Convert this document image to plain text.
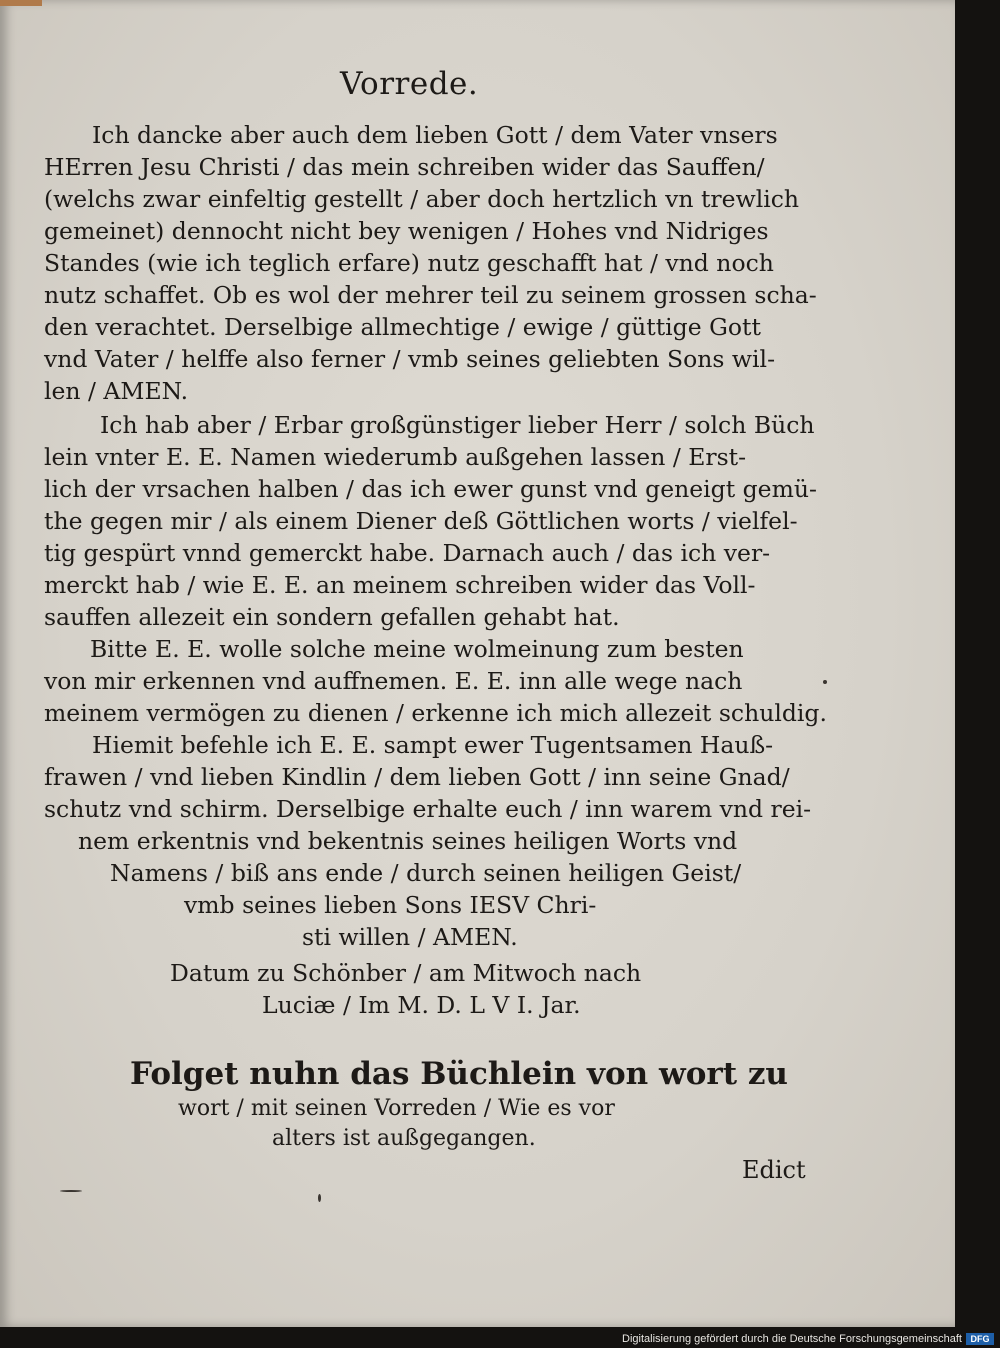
Vorrede.
Ich dancke aber auch dem lieben Gott / dem Vater vnsers
HErren Jesu Christi / das mein schreiben wider das Sauffen/
(welchs zwar einfeltig gestellt / aber doch hertzlich vn trewlich
gemeinet) dennocht nicht bey wenigen / Hohes vnd Nidriges
Standes (wie ich teglich erfare) nutz geschafft hat / vnd noch
nutz schaffet. Ob es wol der mehrer teil zu seinem grossen scha-
den verachtet. Derselbige allmechtige / ewige / güttige Gott
vnd Vater / helffe also ferner / vmb seines geliebten Sons wil-
len / AMEN.
Ich hab aber / Erbar großgünstiger lieber Herr / solch Büch
lein vnter E. E. Namen wiederumb außgehen lassen / Erst-
lich der vrsachen halben / das ich ewer gunst vnd geneigt gemü-
the gegen mir / als einem Diener deß Göttlichen worts / vielfel-
tig gespürt vnnd gemerckt habe. Darnach auch / das ich ver-
merckt hab / wie E. E. an meinem schreiben wider das Voll-
sauffen allezeit ein sondern gefallen gehabt hat.
Bitte E. E. wolle solche meine wolmeinung zum besten
von mir erkennen vnd auffnemen. E. E. inn alle wege nach
meinem vermögen zu dienen / erkenne ich mich allezeit schuldig.
Hiemit befehle ich E. E. sampt ewer Tugentsamen Hauß-
frawen / vnd lieben Kindlin / dem lieben Gott / inn seine Gnad/
schutz vnd schirm. Derselbige erhalte euch / inn warem vnd rei-
nem erkentnis vnd bekentnis seines heiligen Worts vnd
Namens / biß ans ende / durch seinen heiligen Geist/
vmb seines lieben Sons IESV Chri-
sti willen / AMEN.
Datum zu Schönber / am Mitwoch nach
Luciæ / Im M. D. L V I. Jar.
Folget nuhn das Büchlein von wort zu
wort / mit seinen Vorreden / Wie es vor
alters ist außgegangen.
Edict
Digitalisierung gefördert durch die Deutsche Forschungsgemeinschaft DFG
